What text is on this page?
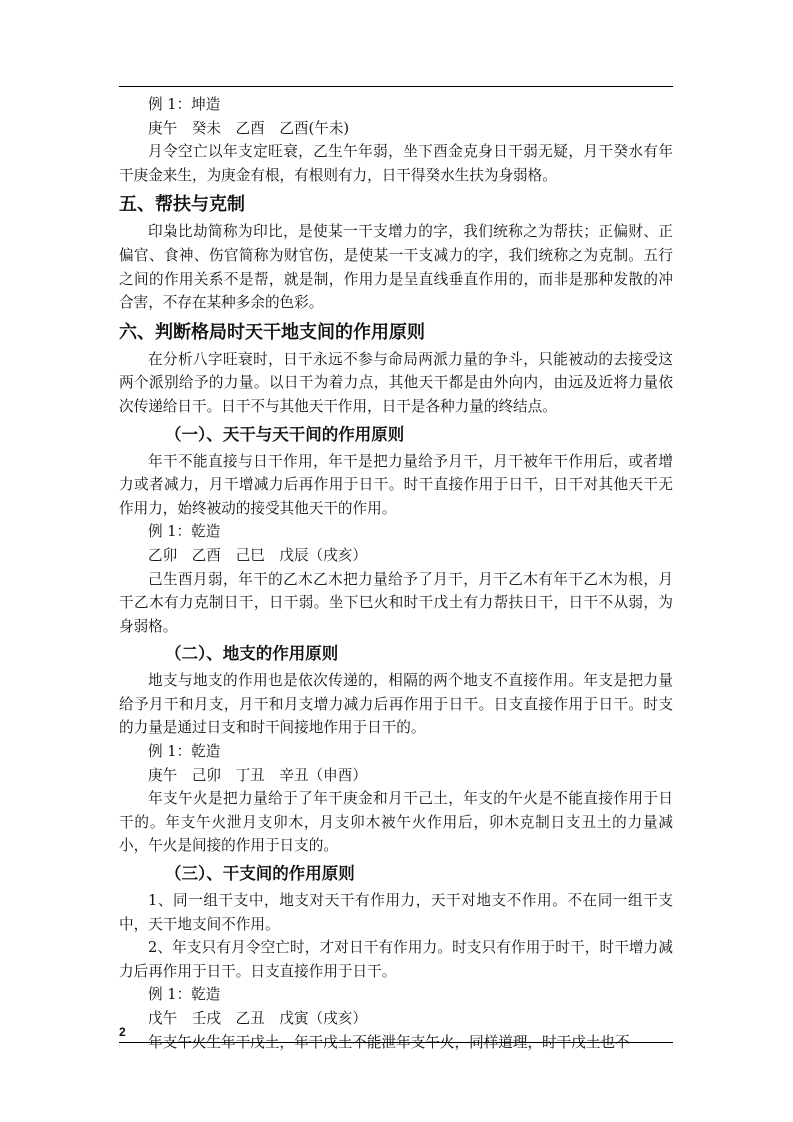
例 1：坤造

庚午　癸未　乙酉　乙酉(午未)

月令空亡以年支定旺衰，乙生午年弱，坐下酉金克身日干弱无疑，月干癸水有年干庚金来生，为庚金有根，有根则有力，日干得癸水生扶为身弱格。

五、帮扶与克制

印枭比劫简称为印比，是使某一干支增力的字，我们统称之为帮扶；正偏财、正偏官、食神、伤官简称为财官伤，是使某一干支减力的字，我们统称之为克制。五行之间的作用关系不是帮，就是制，作用力是呈直线垂直作用的，而非是那种发散的冲合害，不存在某种多余的色彩。

六、判断格局时天干地支间的作用原则

在分析八字旺衰时，日干永远不参与命局两派力量的争斗，只能被动的去接受这两个派别给予的力量。以日干为着力点，其他天干都是由外向内，由远及近将力量依次传递给日干。日干不与其他天干作用，日干是各种力量的终结点。

（一）、天干与天干间的作用原则

年干不能直接与日干作用，年干是把力量给予月干，月干被年干作用后，或者增力或者减力，月干增减力后再作用于日干。时干直接作用于日干，日干对其他天干无作用力，始终被动的接受其他天干的作用。

例 1：乾造

乙卯　乙酉　己巳　戊辰（戌亥）

己生酉月弱，年干的乙木乙木把力量给予了月干，月干乙木有年干乙木为根，月干乙木有力克制日干，日干弱。坐下巳火和时干戊土有力帮扶日干，日干不从弱，为身弱格。

（二）、地支的作用原则

地支与地支的作用也是依次传递的，相隔的两个地支不直接作用。年支是把力量给予月干和月支，月干和月支增力减力后再作用于日干。日支直接作用于日干。时支的力量是通过日支和时干间接地作用于日干的。

例 1：乾造

庚午　己卯　丁丑　辛丑（申酉）

年支午火是把力量给于了年干庚金和月干己土，年支的午火是不能直接作用于日干的。年支午火泄月支卯木，月支卯木被午火作用后，卯木克制日支丑土的力量减小，午火是间接的作用于日支的。

（三）、干支间的作用原则

1、同一组干支中，地支对天干有作用力，天干对地支不作用。不在同一组干支中，天干地支间不作用。

2、年支只有月令空亡时，才对日干有作用力。时支只有作用于时干，时干增力减力后再作用于日干。日支直接作用于日干。

例 1：乾造

戊午　壬戌　乙丑　戊寅（戌亥）

年支午火生年干戊土，年干戊土不能泄年支午火，同样道理，时干戊土也不

2
